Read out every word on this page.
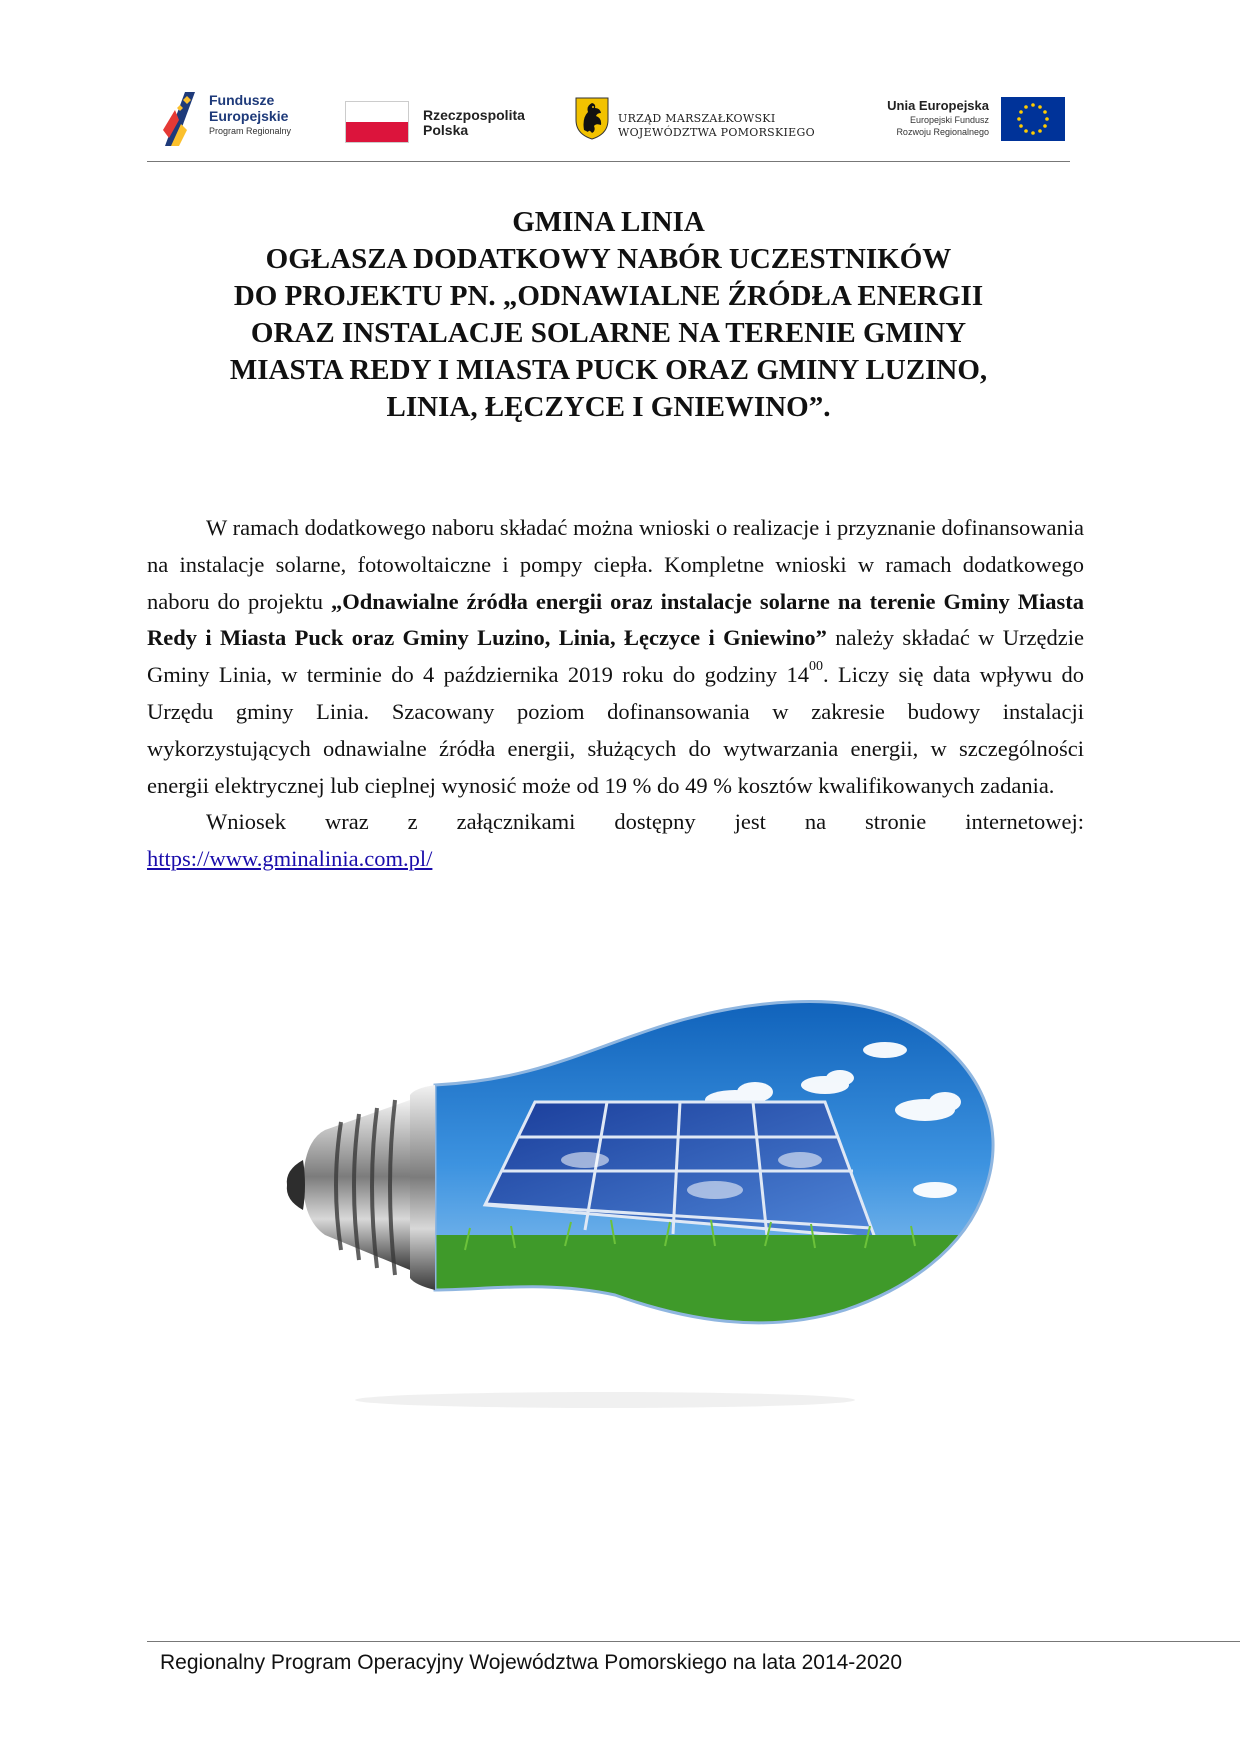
Fundusze
Europejskie
Program Regionalny
Rzeczpospolita
Polska
URZĄD MARSZAŁKOWSKI
WOJEWÓDZTWA POMORSKIEGO
Unia Europejska
Europejski Fundusz
Rozwoju Regionalnego
GMINA LINIA
OGŁASZA DODATKOWY NABÓR UCZESTNIKÓW
DO PROJEKTU PN. „ODNAWIALNE ŹRÓDŁA ENERGII
ORAZ INSTALACJE SOLARNE NA TERENIE GMINY
MIASTA REDY I MIASTA PUCK ORAZ GMINY LUZINO,
LINIA, ŁĘCZYCE I GNIEWINO”.

W ramach dodatkowego naboru składać można wnioski o realizacje i przyznanie dofinansowania na instalacje solarne, fotowoltaiczne i pompy ciepła. Kompletne wnioski w ramach dodatkowego naboru do projektu „Odnawialne źródła energii oraz instalacje solarne na terenie Gminy Miasta Redy i Miasta Puck oraz Gminy Luzino, Linia, Łęczyce i Gniewino” należy składać w Urzędzie Gminy Linia, w terminie do 4 października 2019 roku do godziny $14^{00}$. Liczy się data wpływu do Urzędu gminy Linia. Szacowany poziom dofinansowania w zakresie budowy instalacji wykorzystujących odnawialne źródła energii, służących do wytwarzania energii, w szczególności energii elektrycznej lub cieplnej wynosić może od 19 % do 49 % kosztów kwalifikowanych zadania.

Wniosek wraz z załącznikami dostępny jest na stronie internetowej: https://www.gminalinia.com.pl/

Regionalny Program Operacyjny Województwa Pomorskiego na lata 2014-2020
